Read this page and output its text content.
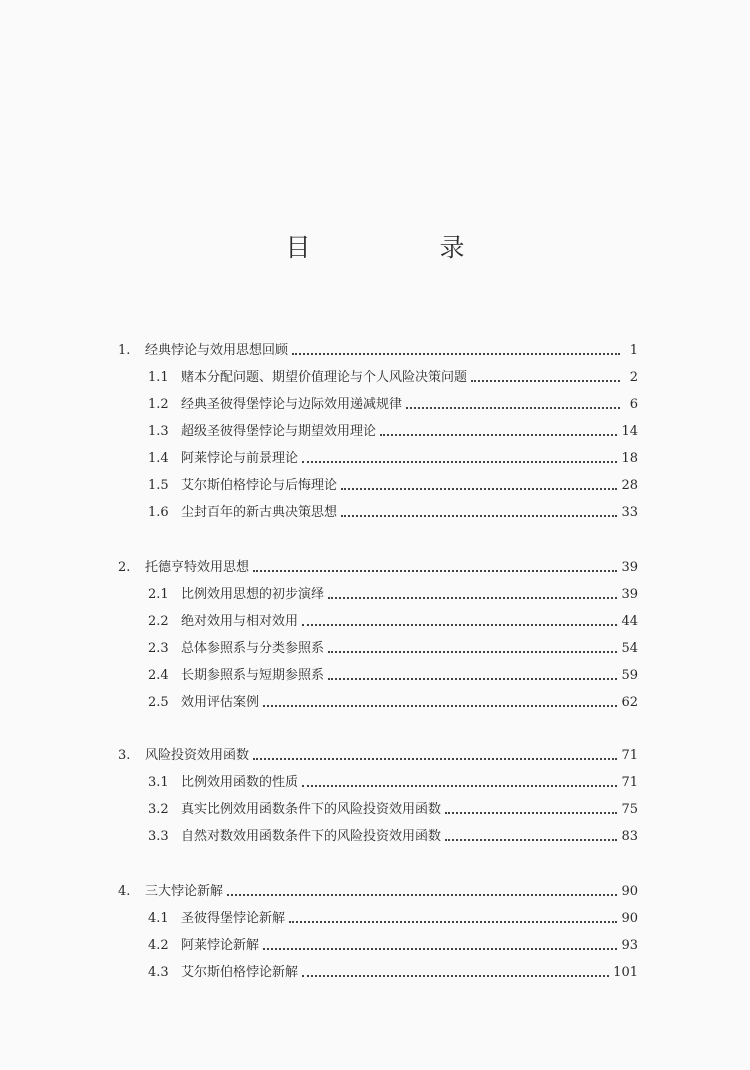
目　录
1.	经典悖论与效用思想回顾	1
1.1 赌本分配问题、期望价值理论与个人风险决策问题	2
1.2 经典圣彼得堡悖论与边际效用递减规律	6
1.3 超级圣彼得堡悖论与期望效用理论	14
1.4 阿莱悖论与前景理论	18
1.5 艾尔斯伯格悖论与后悔理论	28
1.6 尘封百年的新古典决策思想	33
2.	托德亨特效用思想	39
2.1 比例效用思想的初步演绎	39
2.2 绝对效用与相对效用	44
2.3 总体参照系与分类参照系	54
2.4 长期参照系与短期参照系	59
2.5 效用评估案例	62
3.	风险投资效用函数	71
3.1 比例效用函数的性质	71
3.2 真实比例效用函数条件下的风险投资效用函数	75
3.3 自然对数效用函数条件下的风险投资效用函数	83
4.	三大悖论新解	90
4.1 圣彼得堡悖论新解	90
4.2 阿莱悖论新解	93
4.3 艾尔斯伯格悖论新解	101
